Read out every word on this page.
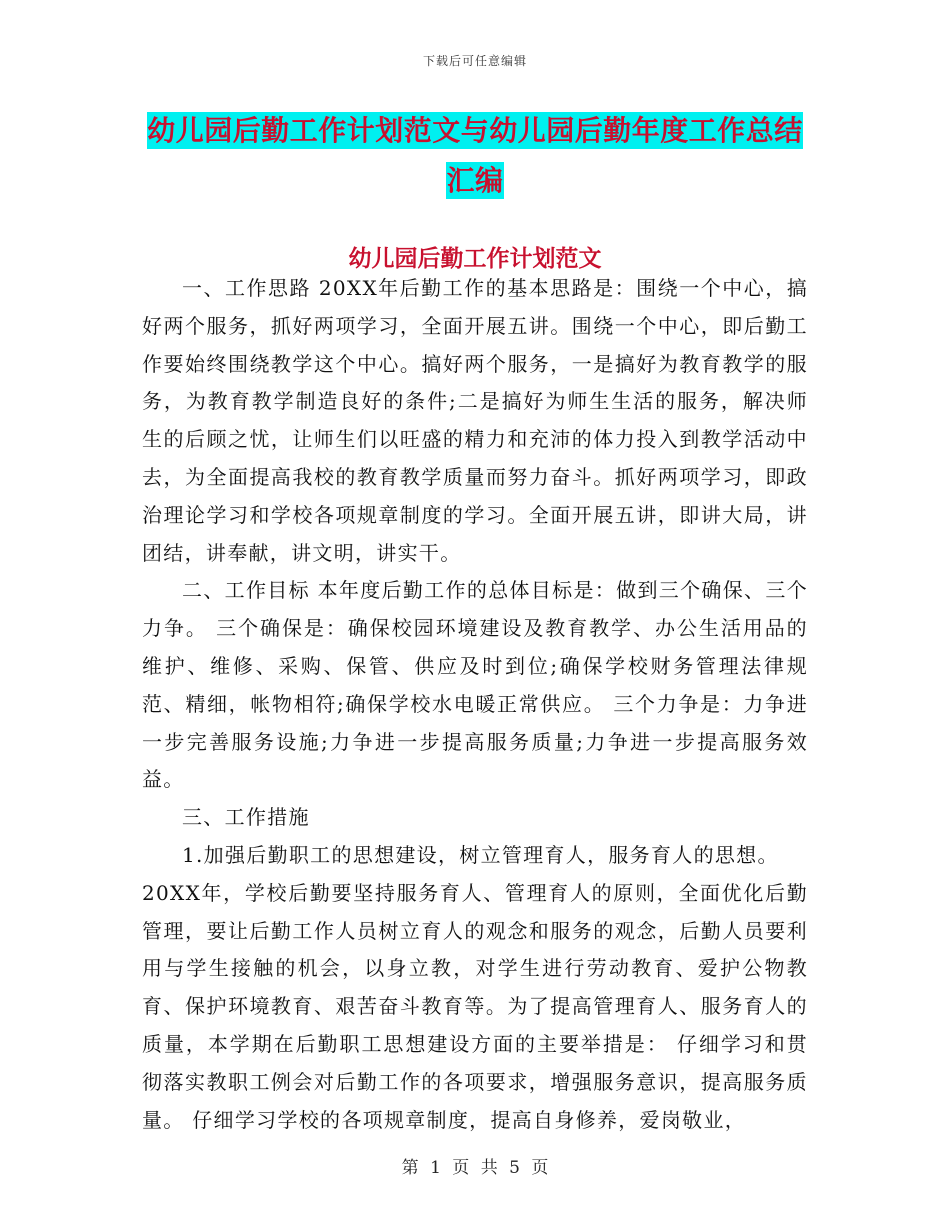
下载后可任意编辑
幼儿园后勤工作计划范文与幼儿园后勤年度工作总结汇编
幼儿园后勤工作计划范文

一、工作思路 20XX年后勤工作的基本思路是：围绕一个中心，搞好两个服务，抓好两项学习，全面开展五讲。围绕一个中心，即后勤工作要始终围绕教学这个中心。搞好两个服务，一是搞好为教育教学的服务，为教育教学制造良好的条件;二是搞好为师生生活的服务，解决师生的后顾之忧，让师生们以旺盛的精力和充沛的体力投入到教学活动中去，为全面提高我校的教育教学质量而努力奋斗。抓好两项学习，即政治理论学习和学校各项规章制度的学习。全面开展五讲，即讲大局，讲团结，讲奉献，讲文明，讲实干。

二、工作目标 本年度后勤工作的总体目标是：做到三个确保、三个力争。 三个确保是：确保校园环境建设及教育教学、办公生活用品的维护、维修、采购、保管、供应及时到位;确保学校财务管理法律规范、精细，帐物相符;确保学校水电暖正常供应。 三个力争是：力争进一步完善服务设施;力争进一步提高服务质量;力争进一步提高服务效益。

三、工作措施

1.加强后勤职工的思想建设，树立管理育人，服务育人的思想。

20XX年，学校后勤要坚持服务育人、管理育人的原则，全面优化后勤管理，要让后勤工作人员树立育人的观念和服务的观念，后勤人员要利用与学生接触的机会，以身立教，对学生进行劳动教育、爱护公物教育、保护环境教育、艰苦奋斗教育等。为了提高管理育人、服务育人的质量，本学期在后勤职工思想建设方面的主要举措是： 仔细学习和贯彻落实教职工例会对后勤工作的各项要求，增强服务意识，提高服务质量。 仔细学习学校的各项规章制度，提高自身修养，爱岗敬业，

第 1 页 共 5 页
